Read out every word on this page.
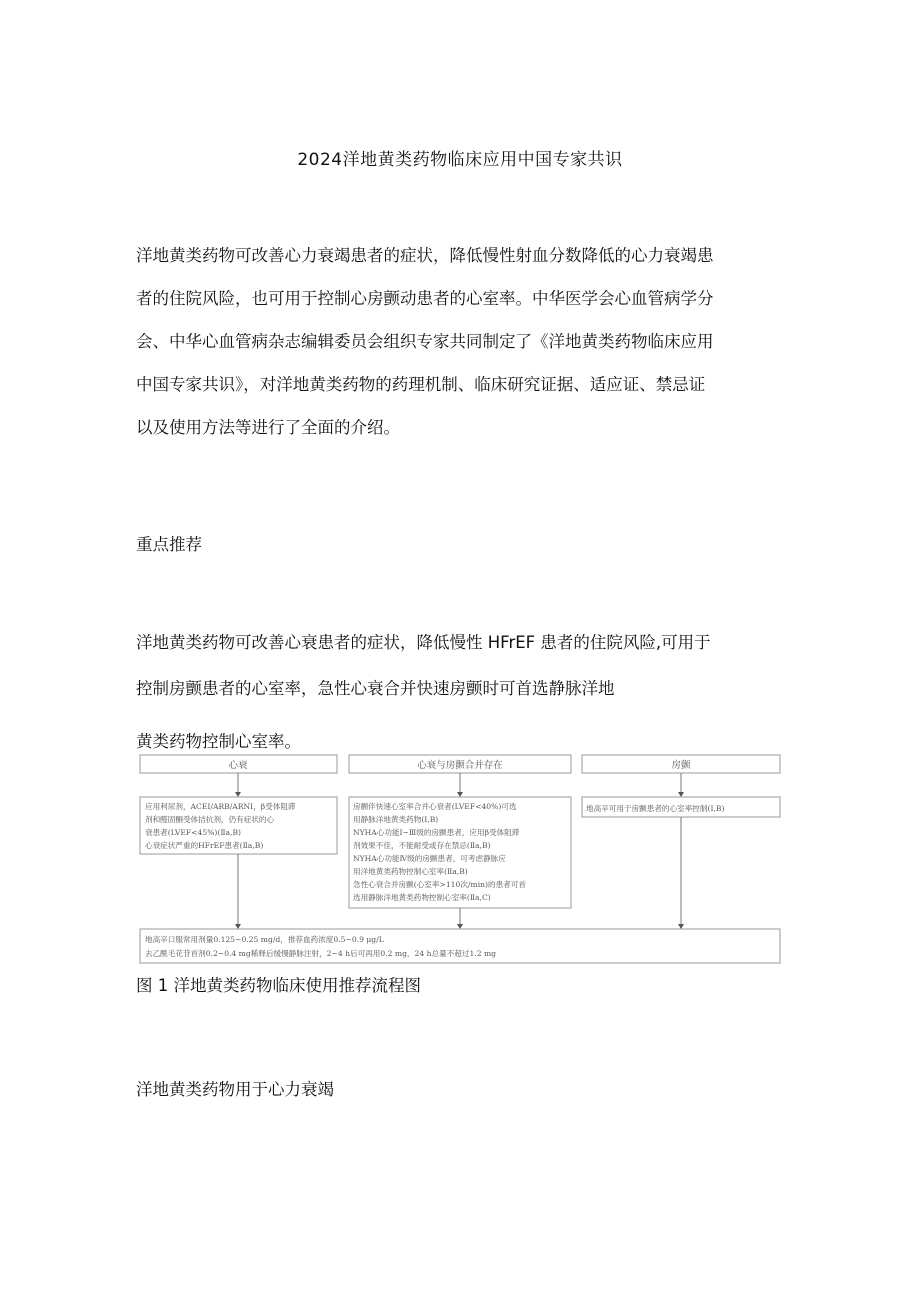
2024洋地黄类药物临床应用中国专家共识
洋地黄类药物可改善心力衰竭患者的症状，降低慢性射血分数降低的心力衰竭患
者的住院风险，也可用于控制心房颤动患者的心室率。中华医学会心血管病学分
会、中华心血管病杂志编辑委员会组织专家共同制定了《洋地黄类药物临床应用
中国专家共识》，对洋地黄类药物的药理机制、临床研究证据、适应证、禁忌证
以及使用方法等进行了全面的介绍。
重点推荐
洋地黄类药物可改善心衰患者的症状，降低慢性 HFrEF 患者的住院风险,可用于
控制房颤患者的心室率，急性心衰合并快速房颤时可首选静脉洋地
黄类药物控制心室率。
心衰	心衰与房颤合并存在	房颤
应用利尿剂，ACEI/ARB/ARNI，β受体阻滞
剂和醛固酮受体拮抗剂，仍有症状的心
衰患者(LVEF<45%)(Ⅱa,B)
心衰症状严重的HFrEF患者(Ⅱa,B)
房颤伴快速心室率合并心衰者(LVEF<40%)可选
用静脉洋地黄类药物(Ⅰ,B)
NYHA心功能Ⅰ~Ⅲ级的房颤患者，应用β受体阻滞
剂效果不佳，不能耐受或存在禁忌(Ⅱa,B)
NYHA心功能Ⅳ级的房颤患者，可考虑静脉应
用洋地黄类药物控制心室率(Ⅱa,B)
急性心衰合并房颤(心室率>110次/min)的患者可首
选用静脉洋地黄类药物控制心室率(Ⅱa,C)
地高辛可用于房颤患者的心室率控制(Ⅰ,B)
地高辛口服常用剂量0.125~0.25 mg/d，推荐血药浓度0.5~0.9 μg/L
去乙酰毛花苷首剂0.2~0.4 mg稀释后缓慢静脉注射，2~4 h后可再用0.2 mg，24 h总量不超过1.2 mg
图 1 洋地黄类药物临床使用推荐流程图
洋地黄类药物用于心力衰竭
